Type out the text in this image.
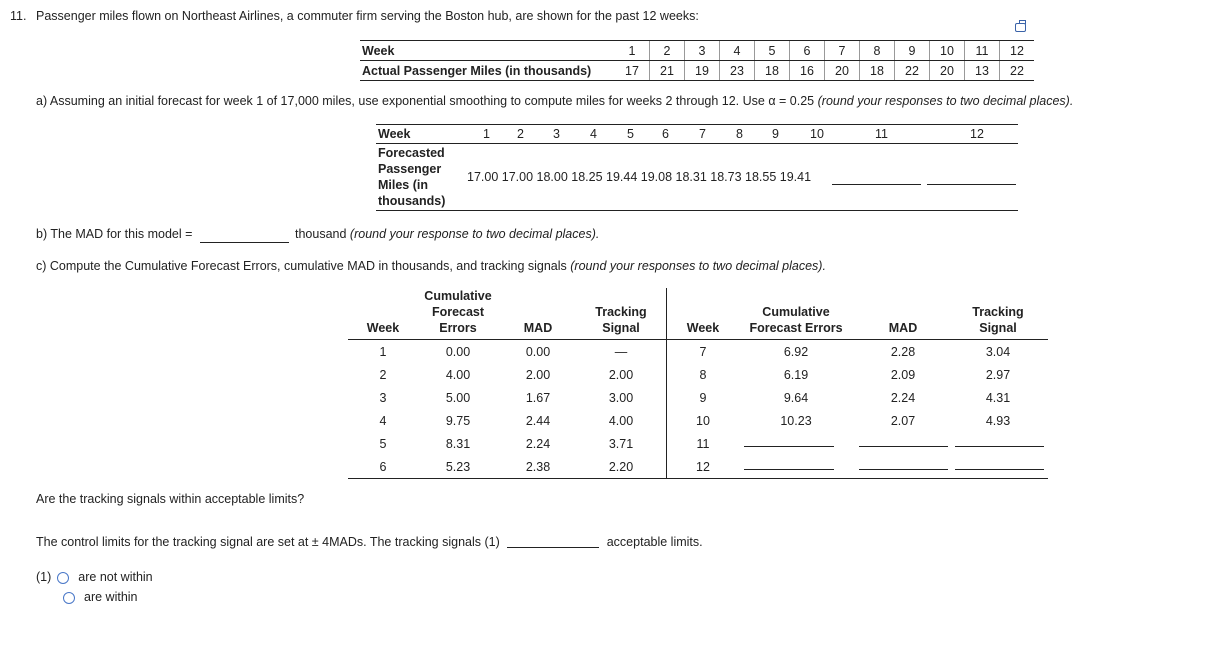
11. Passenger miles flown on Northeast Airlines, a commuter firm serving the Boston hub, are shown for the past 12 weeks:
Week	1	2	3	4	5	6	7	8	9	10	11	12
Actual Passenger Miles (in thousands)	17	21	19	23	18	16	20	18	22	20	13	22
a) Assuming an initial forecast for week 1 of 17,000 miles, use exponential smoothing to compute miles for weeks 2 through 12. Use α = 0.25 (round your responses to two decimal places).
Week	1 2 3 4 5 6 7 8 9 10	11	12
Forecasted
Passenger
Miles (in
thousands)
17.00 17.00 18.00 18.25 19.44 19.08 18.31 18.73 18.55 19.41
b) The MAD for this model =	thousand (round your response to two decimal places).
c) Compute the Cumulative Forecast Errors, cumulative MAD in thousands, and tracking signals (round your responses to two decimal places).
Week
Cumulative
Forecast
Errors	MAD
Tracking
Signal	Week
Cumulative
Forecast Errors	MAD
Tracking
Signal
1	0.00	0.00	—
2	4.00	2.00	2.00
3	5.00	1.67	3.00
4	9.75	2.44	4.00
5	8.31	2.24	3.71
6	5.23	2.38	2.20
7	6.92	2.28	3.04
8	6.19	2.09	2.97
9	9.64	2.24	4.31
10	10.23	2.07	4.93
11
12
Are the tracking signals within acceptable limits?
The control limits for the tracking signal are set at ± 4MADs. The tracking signals (1)	acceptable limits.
(1) are not within
are within
